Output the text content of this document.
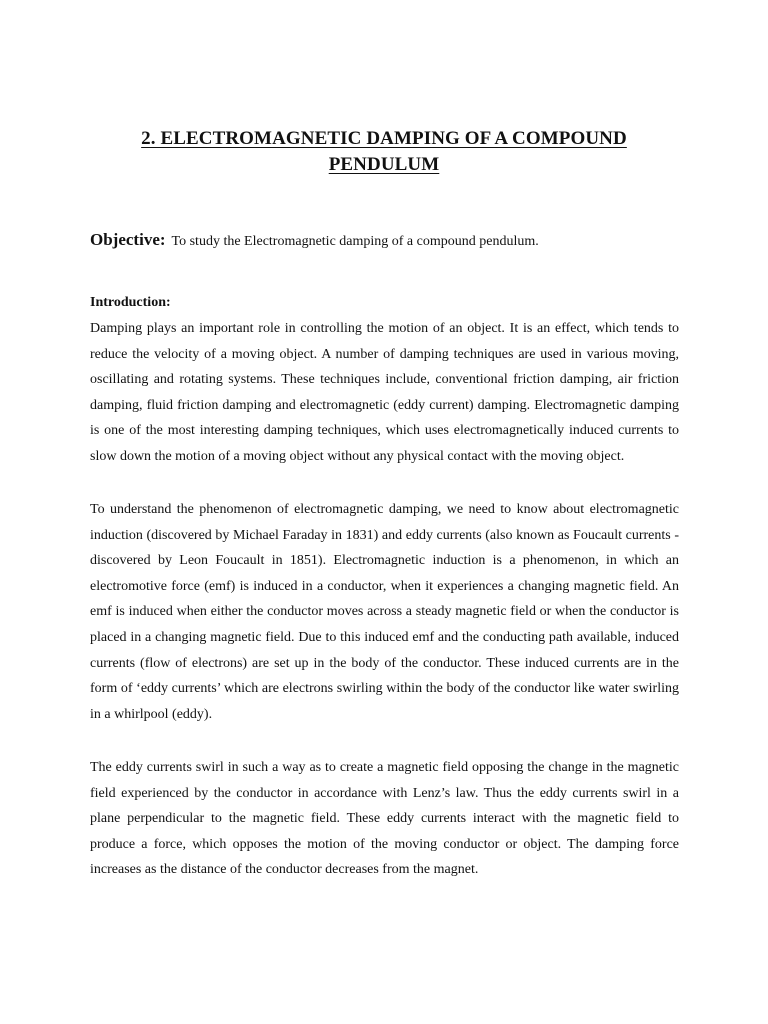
2. ELECTROMAGNETIC DAMPING OF A COMPOUND
PENDULUM
Objective: To study the Electromagnetic damping of a compound pendulum.
Introduction:

Damping plays an important role in controlling the motion of an object. It is an effect, which tends to reduce the velocity of a moving object. A number of damping techniques are used in various moving, oscillating and rotating systems. These techniques include, conventional friction damping, air friction damping, fluid friction damping and electromagnetic (eddy current) damping. Electromagnetic damping is one of the most interesting damping techniques, which uses electromagnetically induced currents to slow down the motion of a moving object without any physical contact with the moving object.

To understand the phenomenon of electromagnetic damping, we need to know about electromagnetic induction (discovered by Michael Faraday in 1831) and eddy currents (also known as Foucault currents - discovered by Leon Foucault in 1851). Electromagnetic induction is a phenomenon, in which an electromotive force (emf) is induced in a conductor, when it experiences a changing magnetic field. An emf is induced when either the conductor moves across a steady magnetic field or when the conductor is placed in a changing magnetic field. Due to this induced emf and the conducting path available, induced currents (flow of electrons) are set up in the body of the conductor. These induced currents are in the form of ‘eddy currents’ which are electrons swirling within the body of the conductor like water swirling in a whirlpool (eddy).

The eddy currents swirl in such a way as to create a magnetic field opposing the change in the magnetic field experienced by the conductor in accordance with Lenz’s law. Thus the eddy currents swirl in a plane perpendicular to the magnetic field. These eddy currents interact with the magnetic field to produce a force, which opposes the motion of the moving conductor or object. The damping force increases as the distance of the conductor decreases from the magnet.
